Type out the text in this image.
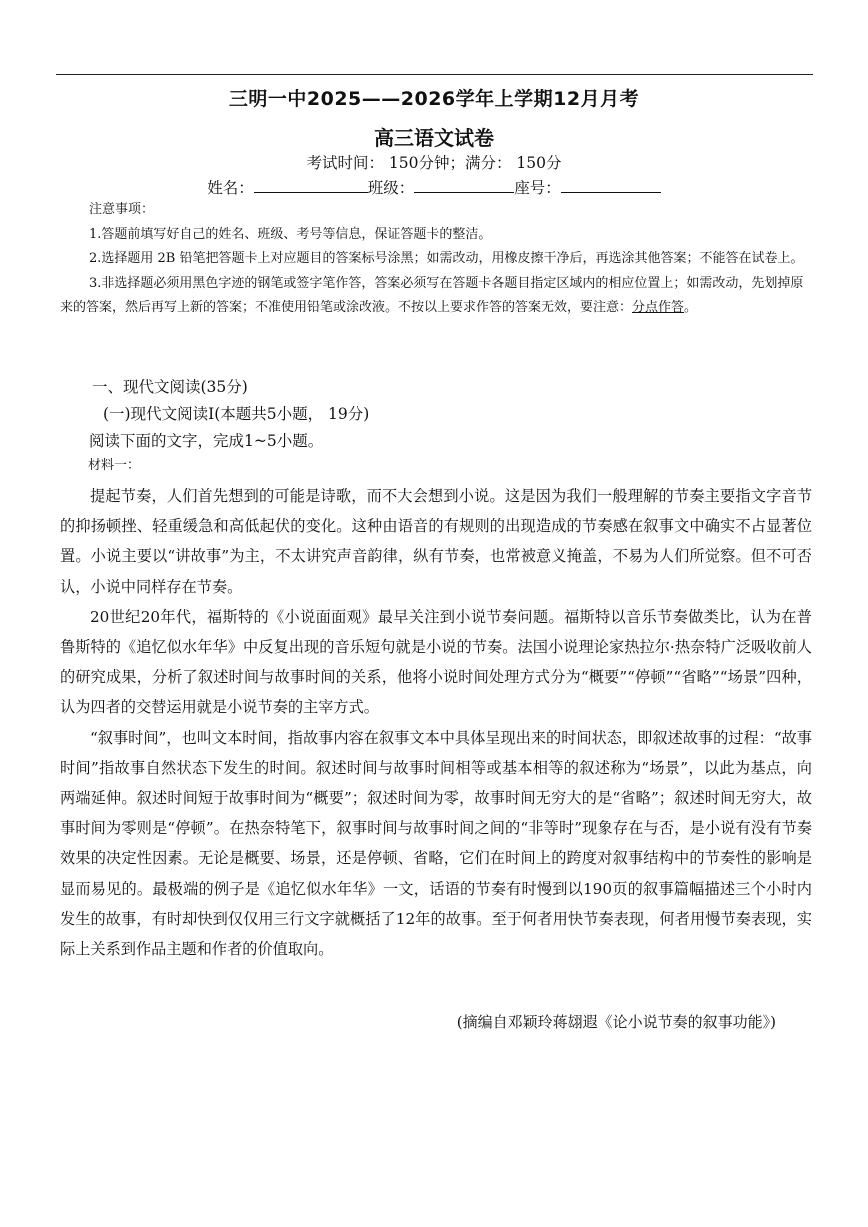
三明一中2025——2026学年上学期12月月考
高三语文试卷
考试时间： 150分钟；满分： 150分
姓名：	班级：	座号：

注意事项：

1.答题前填写好自己的姓名、班级、考号等信息，保证答题卡的整洁。

2.选择题用 2B 铅笔把答题卡上对应题目的答案标号涂黑；如需改动，用橡皮擦干净后，再选涂其他答案；不能答在试卷上。

3.非选择题必须用黑色字迹的钢笔或签字笔作答，答案必须写在答题卡各题目指定区域内的相应位置上；如需改动，先划掉原来的答案，然后再写上新的答案；不准使用铅笔或涂改液。不按以上要求作答的答案无效，要注意：分点作答。

一、现代文阅读(35分)

(一)现代文阅读Ⅰ(本题共5小题， 19分)

阅读下面的文字，完成1~5小题。

材料一：

提起节奏，人们首先想到的可能是诗歌，而不大会想到小说。这是因为我们一般理解的节奏主要指文字音节的抑扬顿挫、轻重缓急和高低起伏的变化。这种由语音的有规则的出现造成的节奏感在叙事文中确实不占显著位置。小说主要以“讲故事”为主，不太讲究声音韵律，纵有节奏，也常被意义掩盖，不易为人们所觉察。但不可否认，小说中同样存在节奏。

20世纪20年代，福斯特的《小说面面观》最早关注到小说节奏问题。福斯特以音乐节奏做类比，认为在普鲁斯特的《追忆似水年华》中反复出现的音乐短句就是小说的节奏。法国小说理论家热拉尔·热奈特广泛吸收前人的研究成果，分析了叙述时间与故事时间的关系，他将小说时间处理方式分为“概要”“停顿”“省略”“场景”四种，认为四者的交替运用就是小说节奏的主宰方式。

“叙事时间”，也叫文本时间，指故事内容在叙事文本中具体呈现出来的时间状态，即叙述故事的过程：“故事时间”指故事自然状态下发生的时间。叙述时间与故事时间相等或基本相等的叙述称为“场景”，以此为基点，向两端延伸。叙述时间短于故事时间为“概要”；叙述时间为零，故事时间无穷大的是“省略”；叙述时间无穷大，故事时间为零则是“停顿”。在热奈特笔下，叙事时间与故事时间之间的“非等时”现象存在与否，是小说有没有节奏效果的决定性因素。无论是概要、场景，还是停顿、省略，它们在时间上的跨度对叙事结构中的节奏性的影响是显而易见的。最极端的例子是《追忆似水年华》一文，话语的节奏有时慢到以190页的叙事篇幅描述三个小时内发生的故事，有时却快到仅仅用三行文字就概括了12年的故事。至于何者用快节奏表现，何者用慢节奏表现，实际上关系到作品主题和作者的价值取向。

(摘编自邓颖玲蒋翃遐《论小说节奏的叙事功能》)
